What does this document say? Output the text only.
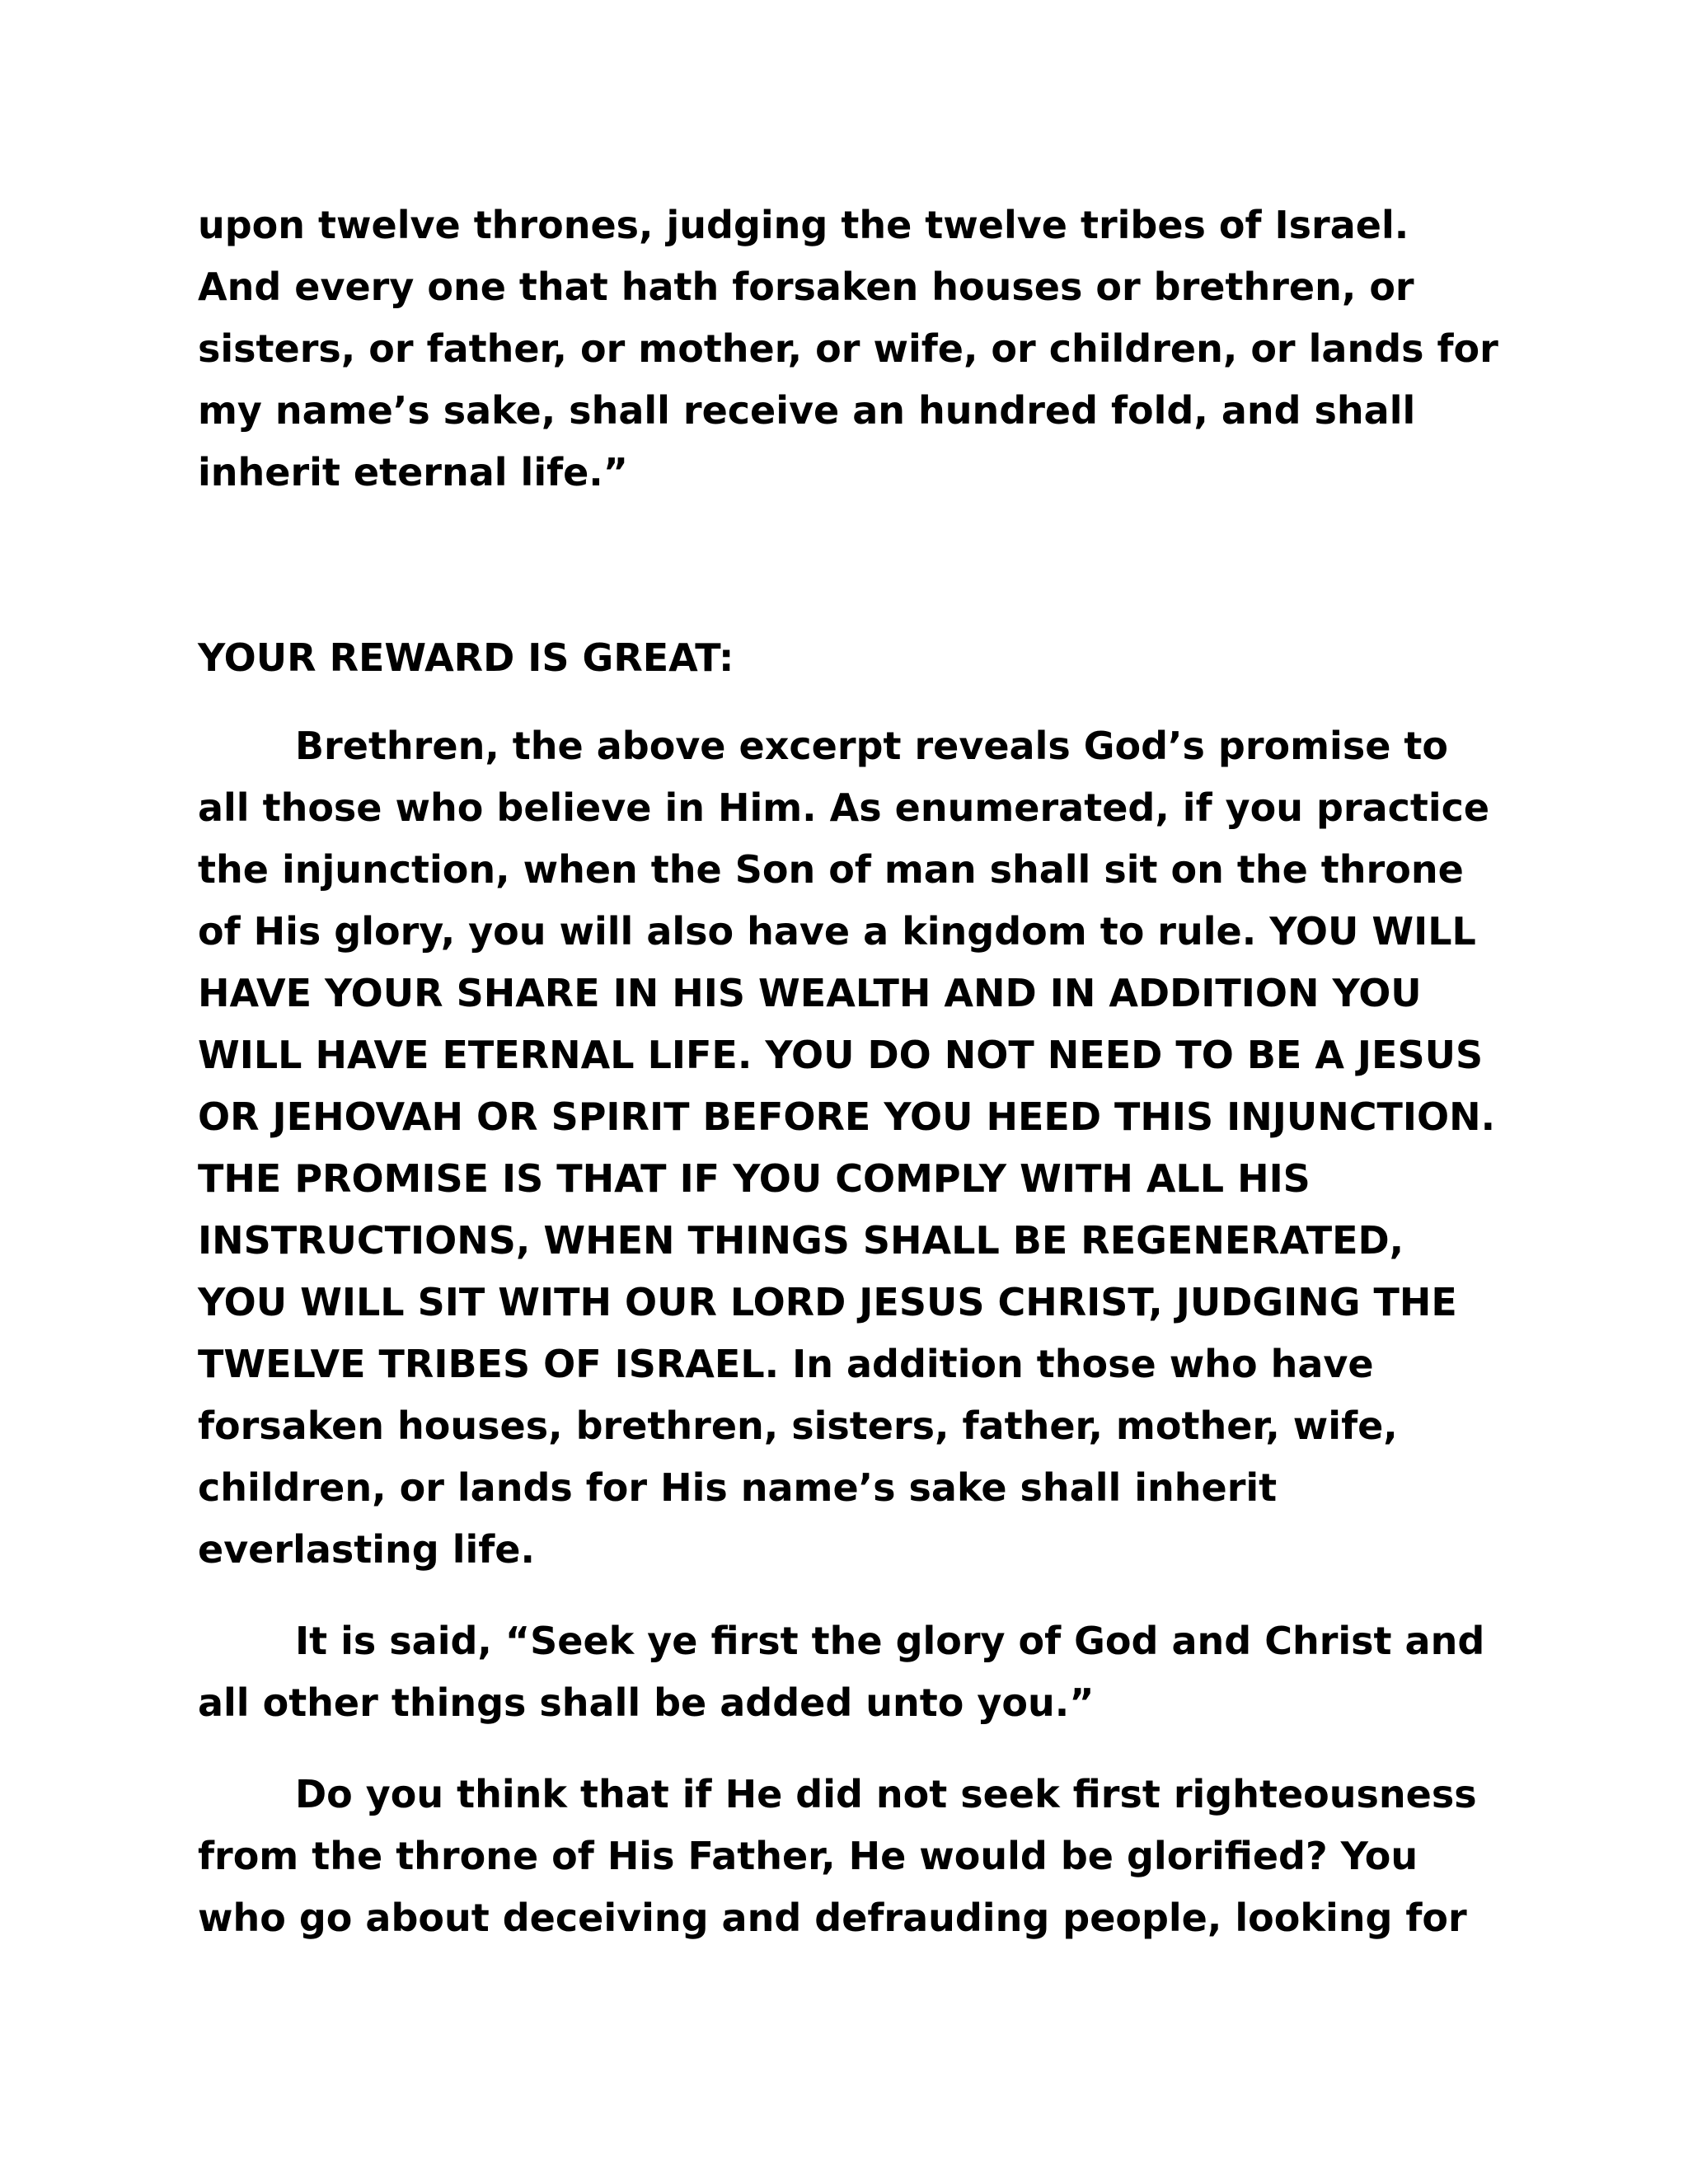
upon twelve thrones, judging the twelve tribes of Israel. And every one that hath forsaken houses or brethren, or sisters, or father, or mother, or wife, or children, or lands for my name’s sake, shall receive an hundred fold, and shall inherit eternal life.”

YOUR REWARD IS GREAT:

Brethren, the above excerpt reveals God’s promise to all those who believe in Him. As enumerated, if you practice the injunction, when the Son of man shall sit on the throne of His glory, you will also have a kingdom to rule. YOU WILL HAVE YOUR SHARE IN HIS WEALTH AND IN ADDITION YOU WILL HAVE ETERNAL LIFE. YOU DO NOT NEED TO BE A JESUS OR JEHOVAH OR SPIRIT BEFORE YOU HEED THIS INJUNCTION. THE PROMISE IS THAT IF YOU COMPLY WITH ALL HIS INSTRUCTIONS, WHEN THINGS SHALL BE REGENERATED, YOU WILL SIT WITH OUR LORD JESUS CHRIST, JUDGING THE TWELVE TRIBES OF ISRAEL. In addition those who have forsaken houses, brethren, sisters, father, mother, wife, children, or lands for His name’s sake shall inherit everlasting life.

It is said, “Seek ye first the glory of God and Christ and all other things shall be added unto you.”

Do you think that if He did not seek first righteousness from the throne of His Father, He would be glorified? You who go about deceiving and defrauding people, looking for
